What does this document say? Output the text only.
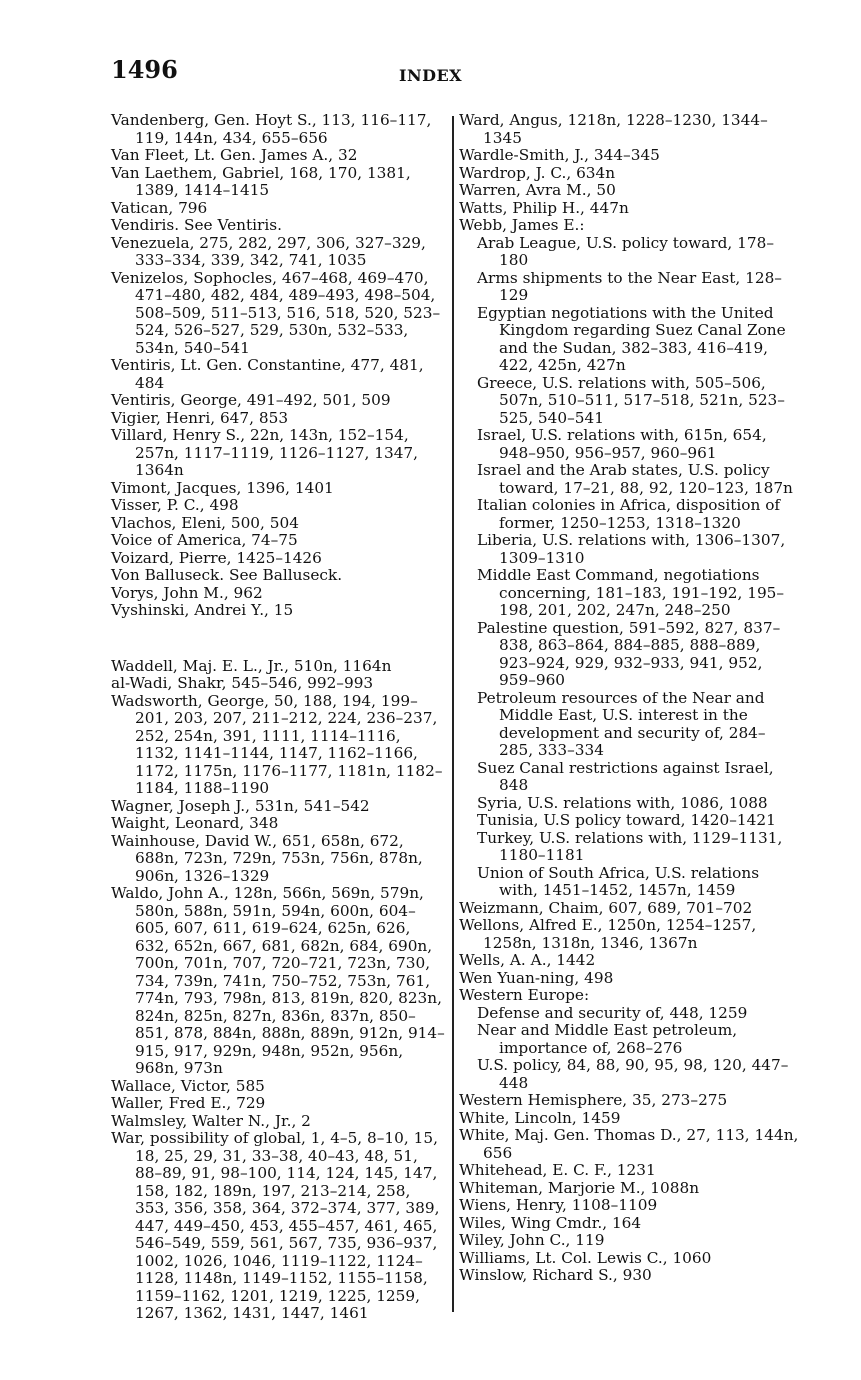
1496	INDEX

Vandenberg, Gen. Hoyt S., 113, 116–117, 119, 144n, 434, 655–656

Van Fleet, Lt. Gen. James A., 32

Van Laethem, Gabriel, 168, 170, 1381, 1389, 1414–1415

Vatican, 796

Vendiris. See Ventiris.

Venezuela, 275, 282, 297, 306, 327–329, 333–334, 339, 342, 741, 1035

Venizelos, Sophocles, 467–468, 469–470, 471–480, 482, 484, 489–493, 498–504, 508–509, 511–513, 516, 518, 520, 523–524, 526–527, 529, 530n, 532–533, 534n, 540–541

Ventiris, Lt. Gen. Constantine, 477, 481, 484

Ventiris, George, 491–492, 501, 509

Vigier, Henri, 647, 853

Villard, Henry S., 22n, 143n, 152–154, 257n, 1117–1119, 1126–1127, 1347, 1364n

Vimont, Jacques, 1396, 1401

Visser, P. C., 498

Vlachos, Eleni, 500, 504

Voice of America, 74–75

Voizard, Pierre, 1425–1426

Von Balluseck. See Balluseck.

Vorys, John M., 962

Vyshinski, Andrei Y., 15

Waddell, Maj. E. L., Jr., 510n, 1164n

al-Wadi, Shakr, 545–546, 992–993

Wadsworth, George, 50, 188, 194, 199–201, 203, 207, 211–212, 224, 236–237, 252, 254n, 391, 1111, 1114–1116, 1132, 1141–1144, 1147, 1162–1166, 1172, 1175n, 1176–1177, 1181n, 1182–1184, 1188–1190

Wagner, Joseph J., 531n, 541–542

Waight, Leonard, 348

Wainhouse, David W., 651, 658n, 672, 688n, 723n, 729n, 753n, 756n, 878n, 906n, 1326–1329

Waldo, John A., 128n, 566n, 569n, 579n, 580n, 588n, 591n, 594n, 600n, 604–605, 607, 611, 619–624, 625n, 626, 632, 652n, 667, 681, 682n, 684, 690n, 700n, 701n, 707, 720–721, 723n, 730, 734, 739n, 741n, 750–752, 753n, 761, 774n, 793, 798n, 813, 819n, 820, 823n, 824n, 825n, 827n, 836n, 837n, 850–851, 878, 884n, 888n, 889n, 912n, 914–915, 917, 929n, 948n, 952n, 956n, 968n, 973n

Wallace, Victor, 585

Waller, Fred E., 729

Walmsley, Walter N., Jr., 2

War, possibility of global, 1, 4–5, 8–10, 15, 18, 25, 29, 31, 33–38, 40–43, 48, 51, 88–89, 91, 98–100, 114, 124, 145, 147, 158, 182, 189n, 197, 213–214, 258, 353, 356, 358, 364, 372–374, 377, 389, 447, 449–450, 453, 455–457, 461, 465, 546–549, 559, 561, 567, 735, 936–937, 1002, 1026, 1046, 1119–1122, 1124–1128, 1148n, 1149–1152, 1155–1158, 1159–1162, 1201, 1219, 1225, 1259, 1267, 1362, 1431, 1447, 1461

Ward, Angus, 1218n, 1228–1230, 1344–1345

Wardle-Smith, J., 344–345

Wardrop, J. C., 634n

Warren, Avra M., 50

Watts, Philip H., 447n

Webb, James E.:

Arab League, U.S. policy toward, 178–180

Arms shipments to the Near East, 128–129

Egyptian negotiations with the United Kingdom regarding Suez Canal Zone and the Sudan, 382–383, 416–419, 422, 425n, 427n

Greece, U.S. relations with, 505–506, 507n, 510–511, 517–518, 521n, 523–525, 540–541

Israel, U.S. relations with, 615n, 654, 948–950, 956–957, 960–961

Israel and the Arab states, U.S. policy toward, 17–21, 88, 92, 120–123, 187n

Italian colonies in Africa, disposition of former, 1250–1253, 1318–1320

Liberia, U.S. relations with, 1306–1307, 1309–1310

Middle East Command, negotiations concerning, 181–183, 191–192, 195–198, 201, 202, 247n, 248–250

Palestine question, 591–592, 827, 837–838, 863–864, 884–885, 888–889, 923–924, 929, 932–933, 941, 952, 959–960

Petroleum resources of the Near and Middle East, U.S. interest in the development and security of, 284–285, 333–334

Suez Canal restrictions against Israel, 848

Syria, U.S. relations with, 1086, 1088

Tunisia, U.S policy toward, 1420–1421

Turkey, U.S. relations with, 1129–1131, 1180–1181

Union of South Africa, U.S. relations with, 1451–1452, 1457n, 1459

Weizmann, Chaim, 607, 689, 701–702

Wellons, Alfred E., 1250n, 1254–1257, 1258n, 1318n, 1346, 1367n

Wells, A. A., 1442

Wen Yuan-ning, 498

Western Europe:

Defense and security of, 448, 1259

Near and Middle East petroleum, importance of, 268–276

U.S. policy, 84, 88, 90, 95, 98, 120, 447–448

Western Hemisphere, 35, 273–275

White, Lincoln, 1459

White, Maj. Gen. Thomas D., 27, 113, 144n, 656

Whitehead, E. C. F., 1231

Whiteman, Marjorie M., 1088n

Wiens, Henry, 1108–1109

Wiles, Wing Cmdr., 164

Wiley, John C., 119

Williams, Lt. Col. Lewis C., 1060

Winslow, Richard S., 930
